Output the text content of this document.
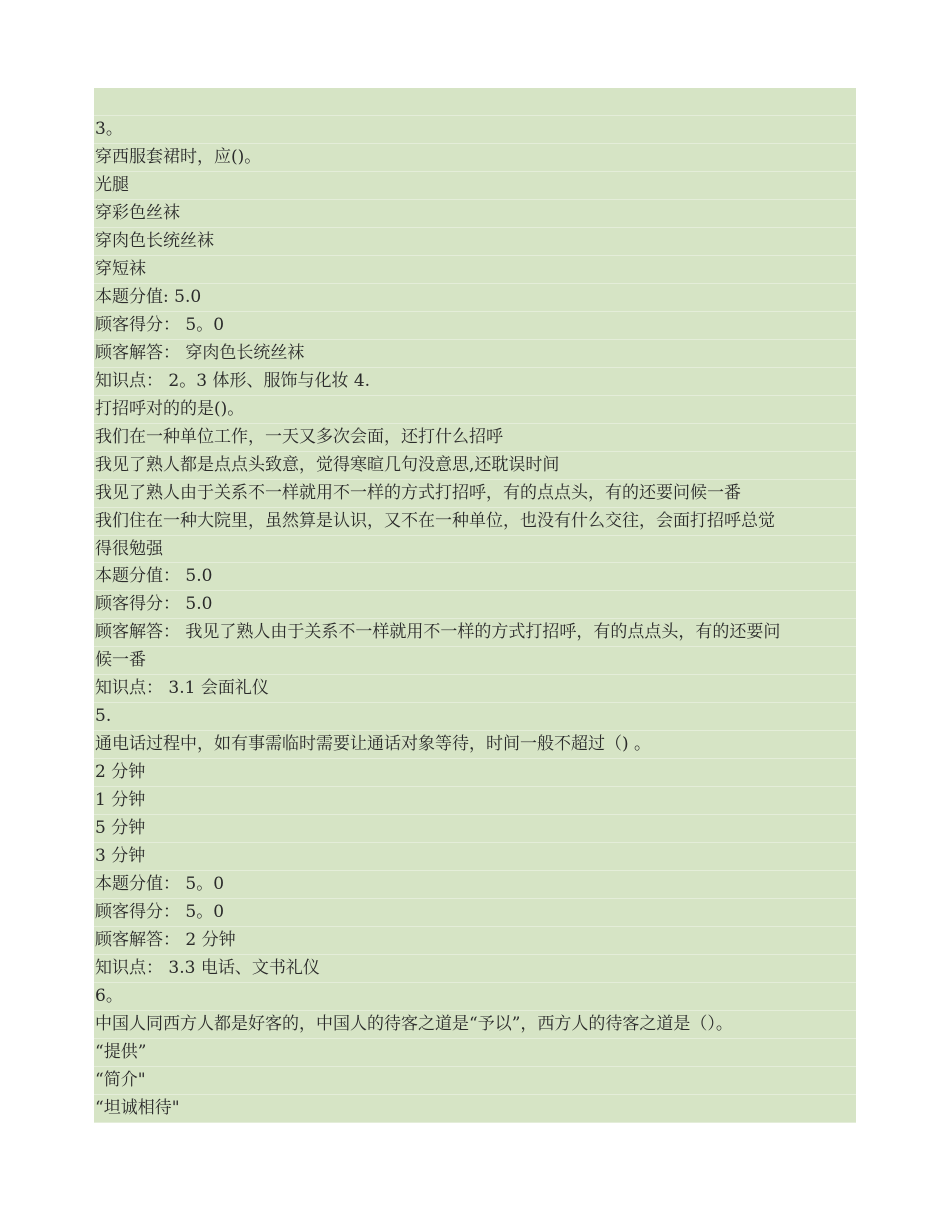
3。
穿西服套裙时，应()。
光腿
穿彩色丝袜
穿肉色长统丝袜
穿短袜
本题分值: 5.0
顾客得分： 5。0
顾客解答： 穿肉色长统丝袜
知识点： 2。3 体形、服饰与化妆 4.
打招呼对的的是()。
我们在一种单位工作，一天又多次会面，还打什么招呼
我见了熟人都是点点头致意，觉得寒暄几句没意思,还耽误时间
我见了熟人由于关系不一样就用不一样的方式打招呼，有的点点头，有的还要问候一番
我们住在一种大院里，虽然算是认识，又不在一种单位，也没有什么交往，会面打招呼总觉
得很勉强
本题分值： 5.0
顾客得分： 5.0
顾客解答： 我见了熟人由于关系不一样就用不一样的方式打招呼，有的点点头，有的还要问
候一番
知识点： 3.1 会面礼仪
5.
通电话过程中，如有事需临时需要让通话对象等待，时间一般不超过（) 。
2 分钟
1 分钟
5 分钟
3 分钟
本题分值： 5。0
顾客得分： 5。0
顾客解答： 2 分钟
知识点： 3.3 电话、文书礼仪
6。
中国人同西方人都是好客的，中国人的待客之道是“予以”，西方人的待客之道是（）。
“提供”
“简介"
“坦诚相待"
